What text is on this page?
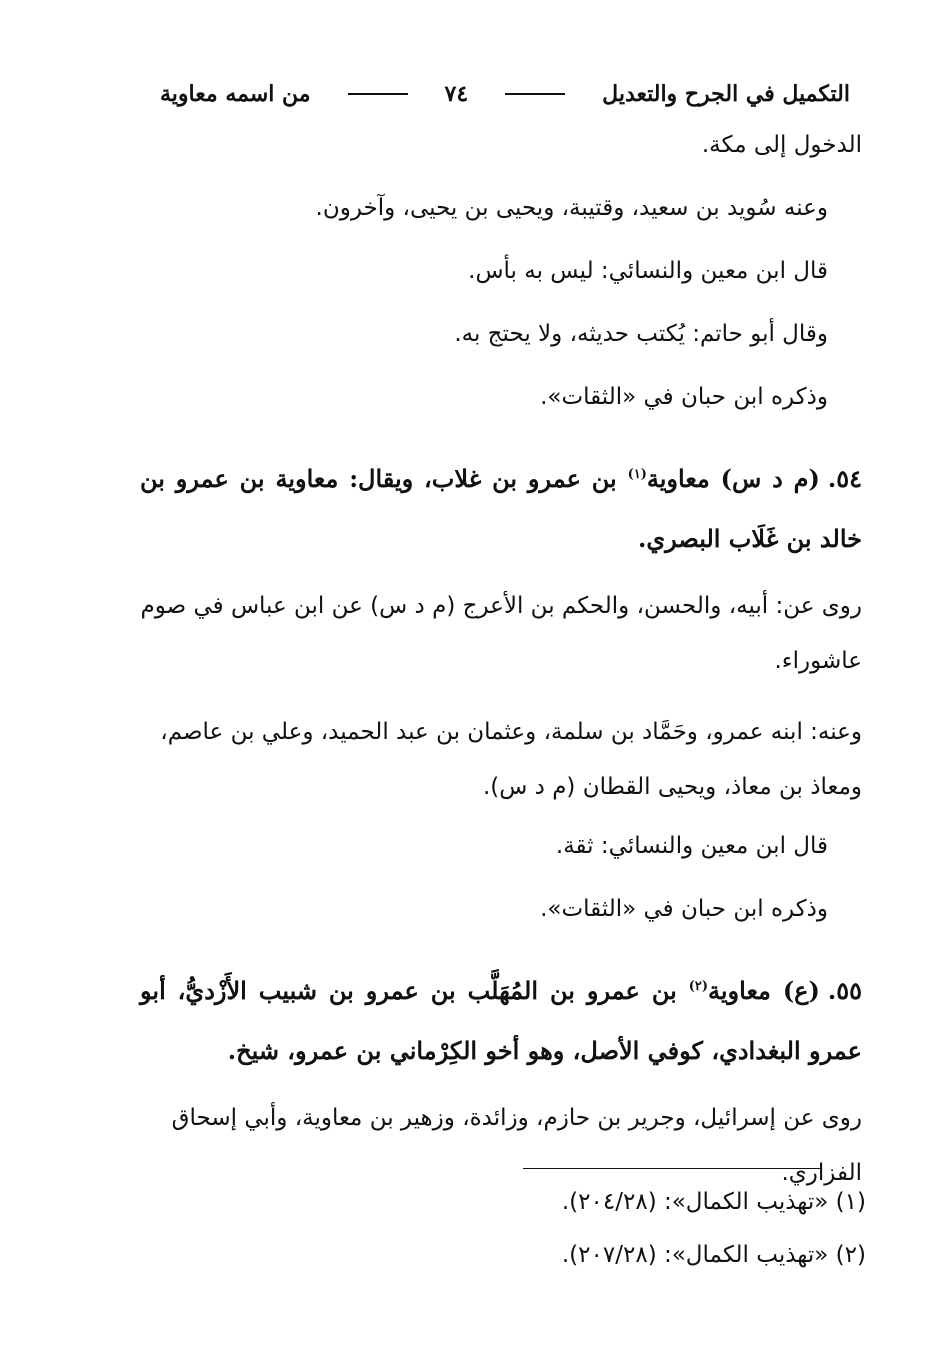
التكميل في الجرح والتعديل
٧٤
من اسمه معاوية

الدخول إلى مكة.

وعنه سُويد بن سعيد، وقتيبة، ويحيى بن يحيى، وآخرون.

قال ابن معين والنسائي: ليس به بأس.

وقال أبو حاتم: يُكتب حديثه، ولا يحتج به.

وذكره ابن حبان في «الثقات».

٥٤.(م د س) معاوية$^{(١)}$ بن عمرو بن غلاب، ويقال: معاوية بن عمرو بن خالد بن غَلَاب البصري.

روى عن: أبيه، والحسن، والحكم بن الأعرج (م د س) عن ابن عباس في صوم عاشوراء.

وعنه: ابنه عمرو، وحَمَّاد بن سلمة، وعثمان بن عبد الحميد، وعلي بن عاصم، ومعاذ بن معاذ، ويحيى القطان (م د س).

قال ابن معين والنسائي: ثقة.

وذكره ابن حبان في «الثقات».

٥٥.(ع) معاوية$^{(٢)}$ بن عمرو بن المُهَلَّب بن عمرو بن شبيب الأَزْديُّ، أبو عمرو البغدادي، كوفي الأصل، وهو أخو الكِرْماني بن عمرو، شيخ.

روى عن إسرائيل، وجرير بن حازم، وزائدة، وزهير بن معاوية، وأبي إسحاق الفزاري.

(١) «تهذيب الكمال»: (٢٠٤/٢٨).

(٢) «تهذيب الكمال»: (٢٠٧/٢٨).
